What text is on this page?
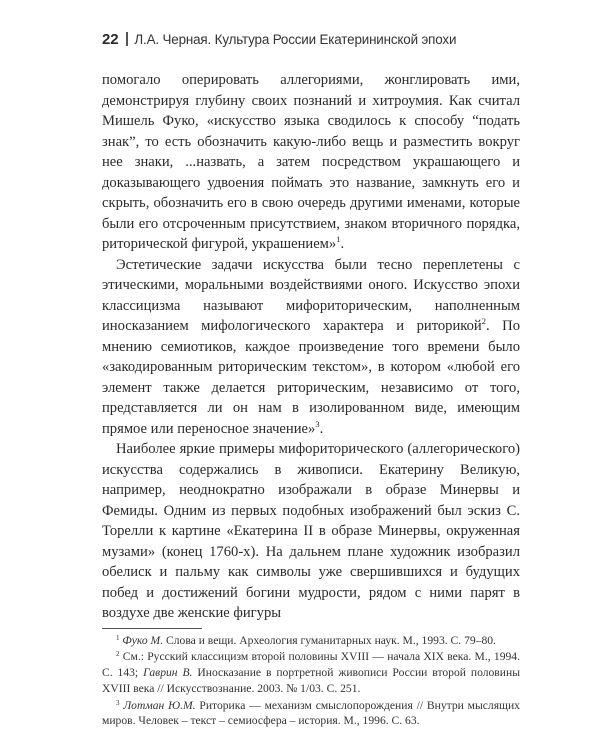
22 Л.А. Черная. Культура России Екатерининской эпохи

помогало оперировать аллегориями, жонглировать ими, демонстрируя глубину своих познаний и хитроумия. Как считал Мишель Фуко, «искусство языка сводилось к способу “подать знак”, то есть обозначить какую-либо вещь и разместить вокруг нее знаки, ...назвать, а затем посредством украшающего и доказывающего удвоения поймать это название, замкнуть его и скрыть, обозначить его в свою очередь другими именами, которые были его отсроченным присутствием, знаком вторичного порядка, риторической фигурой, украшением»$^1$.

Эстетические задачи искусства были тесно переплетены с этическими, моральными воздействиями оного. Искусство эпохи классицизма называют мифориторическим, наполненным иносказанием мифологического характера и риторикой$^2$. По мнению семиотиков, каждое произведение того времени было «закодированным риторическим текстом», в котором «любой его элемент также делается риторическим, независимо от того, представляется ли он нам в изолированном виде, имеющим прямое или переносное значение»$^3$.

Наиболее яркие примеры мифориторического (аллегорического) искусства содержались в живописи. Екатерину Великую, например, неоднократно изображали в образе Минервы и Фемиды. Одним из первых подобных изображений был эскиз С. Торелли к картине «Екатерина II в образе Минервы, окруженная музами» (конец 1760-х). На дальнем плане художник изобразил обелиск и пальму как символы уже свершившихся и будущих побед и достижений богини мудрости, рядом с ними парят в воздухе две женские фигуры

$^1$ Фуко М. Слова и вещи. Археология гуманитарных наук. М., 1993. С. 79–80.

$^2$ См.: Русский классицизм второй половины XVIII — начала XIX века. М., 1994. С. 143; Гаврин В. Иносказание в портретной живописи России второй половины XVIII века // Искусствознание. 2003. № 1/03. С. 251.

$^3$ Лотман Ю.М. Риторика — механизм смыслопорождения // Внутри мыслящих миров. Человек – текст – семиосфера – история. М., 1996. С. 63.
